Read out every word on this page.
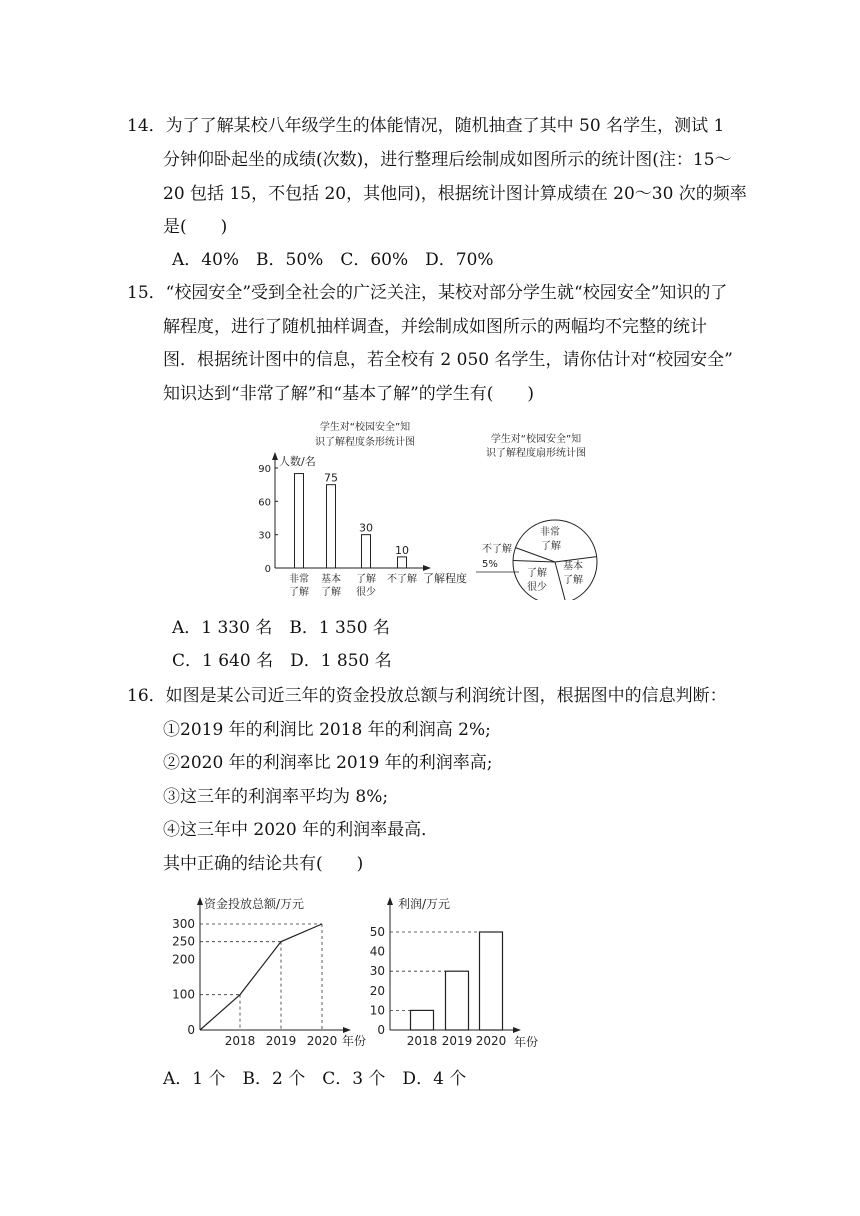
14．为了了解某校八年级学生的体能情况，随机抽查了其中 50 名学生，测试 1
分钟仰卧起坐的成绩(次数)，进行整理后绘制成如图所示的统计图(注：15～
20 包括 15，不包括 20，其他同)，根据统计图计算成绩在 20～30 次的频率
是(　　)
A．40%　B．50%　C．60%　D．70%
15．“校园安全”受到全社会的广泛关注，某校对部分学生就“校园安全”知识的了
解程度，进行了随机抽样调查，并绘制成如图所示的两幅均不完整的统计
图．根据统计图中的信息，若全校有 2 050 名学生，请你估计对“校园安全”
知识达到“非常了解”和“基本了解”的学生有(　　)
学生对“校园安全”知
识了解程度条形统计图
人数/名
了解程度
0
30
60
90
75
30
10
非常
了解
基本
了解
了解
很少
不了解
学生对“校园安全”知
识了解程度扇形统计图
不了解
5%
非常
了解
基本
了解
了解
很少
A．1 330 名　B．1 350 名
C．1 640 名　D．1 850 名
16．如图是某公司近三年的资金投放总额与利润统计图，根据图中的信息判断：
①2019 年的利润比 2018 年的利润高 2%;
②2020 年的利润率比 2019 年的利润率高;
③这三年的利润率平均为 8%;
④这三年中 2020 年的利润率最高．
其中正确的结论共有(　　)
资金投放总额/万元
年份
0
100
200
250
300
2018 2019 2020
利润/万元
年份
0
10
20
30
40
50
2018 2019 2020
A．1 个　B．2 个　C．3 个　D．4 个
